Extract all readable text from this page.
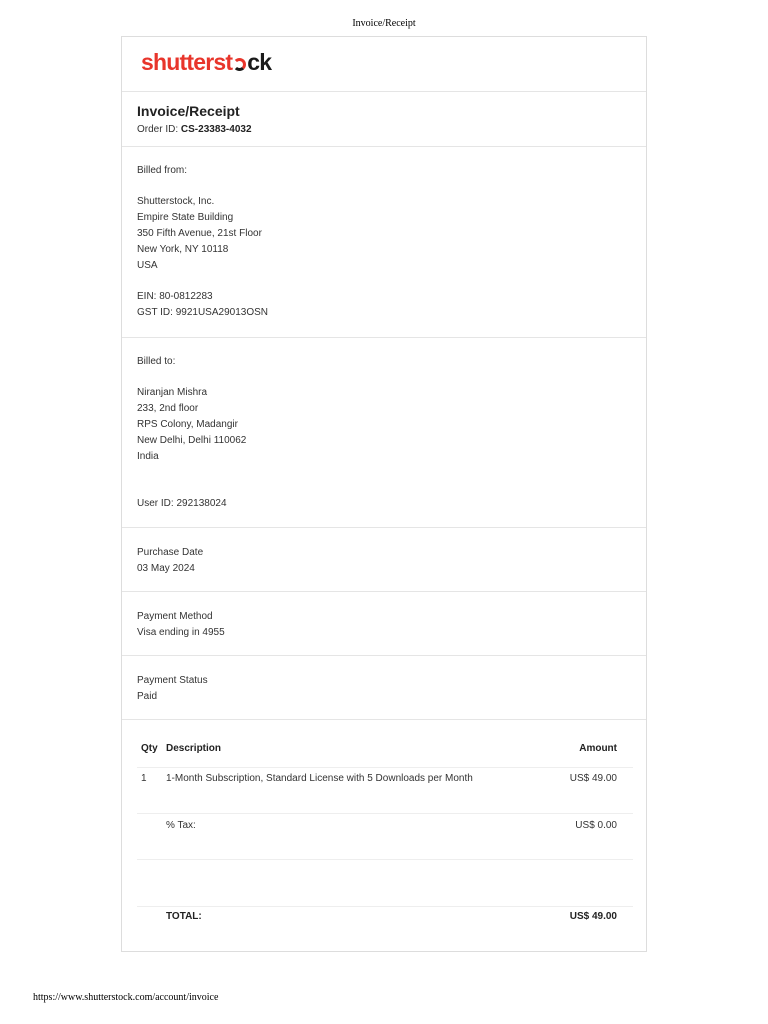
Invoice/Receipt
shutterst ck
Invoice/Receipt
Order ID: CS-23383-4032
Billed from:
Shutterstock, Inc.
Empire State Building
350 Fifth Avenue, 21st Floor
New York, NY 10118
USA
EIN: 80-0812283
GST ID: 9921USA29013OSN
Billed to:
Niranjan Mishra
233, 2nd floor
RPS Colony, Madangir
New Delhi, Delhi 110062
India
User ID: 292138024
Purchase Date
03 May 2024
Payment Method
Visa ending in 4955
Payment Status
Paid
Qty Description	Amount
1 1-Month Subscription, Standard License with 5 Downloads per Month	US$ 49.00
% Tax:	US$ 0.00
TOTAL:	US$ 49.00
https://www.shutterstock.com/account/invoice
